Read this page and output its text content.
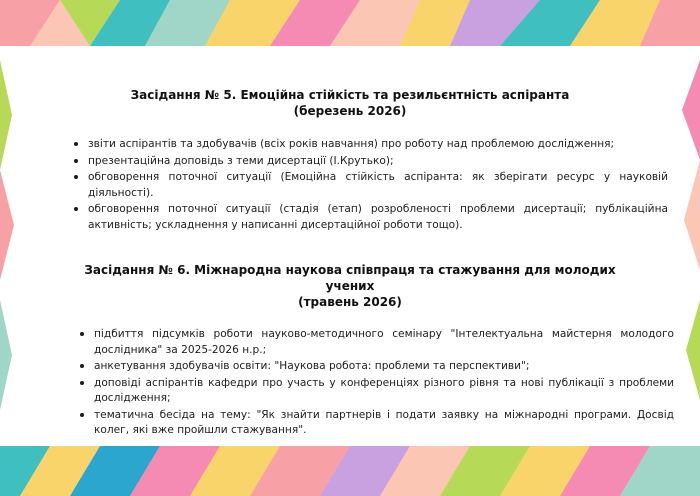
Засідання № 5. Емоційна стійкість та резильєнтність аспіранта
(березень 2026)
• звіти аспірантів та здобувачів (всіх років навчання) про роботу над проблемою дослідження;
• презентаційна доповідь з теми дисертації (І.Крутько);
• обговорення поточної ситуації (Емоційна стійкість аспіранта: як зберігати ресурс у науковій діяльності).
• обговорення поточної ситуації (стадія (етап) розробленості проблеми дисертації; публікаційна активність; ускладнення у написанні дисертаційної роботи тощо).
Засідання № 6. Міжнародна наукова співпраця та стажування для молодих
учених
(травень 2026)
• підбиття підсумків роботи науково-методичного семінару "Інтелектуальна майстерня молодого дослідника" за 2025-2026 н.р.;
• анкетування здобувачів освіти: "Наукова робота: проблеми та перспективи";
• доповіді аспірантів кафедри про участь у конференціях різного рівня та нові публікації з проблеми дослідження;
• тематична бесіда на тему: "Як знайти партнерів і подати заявку на міжнародні програми. Досвід колег, які вже пройшли стажування".
